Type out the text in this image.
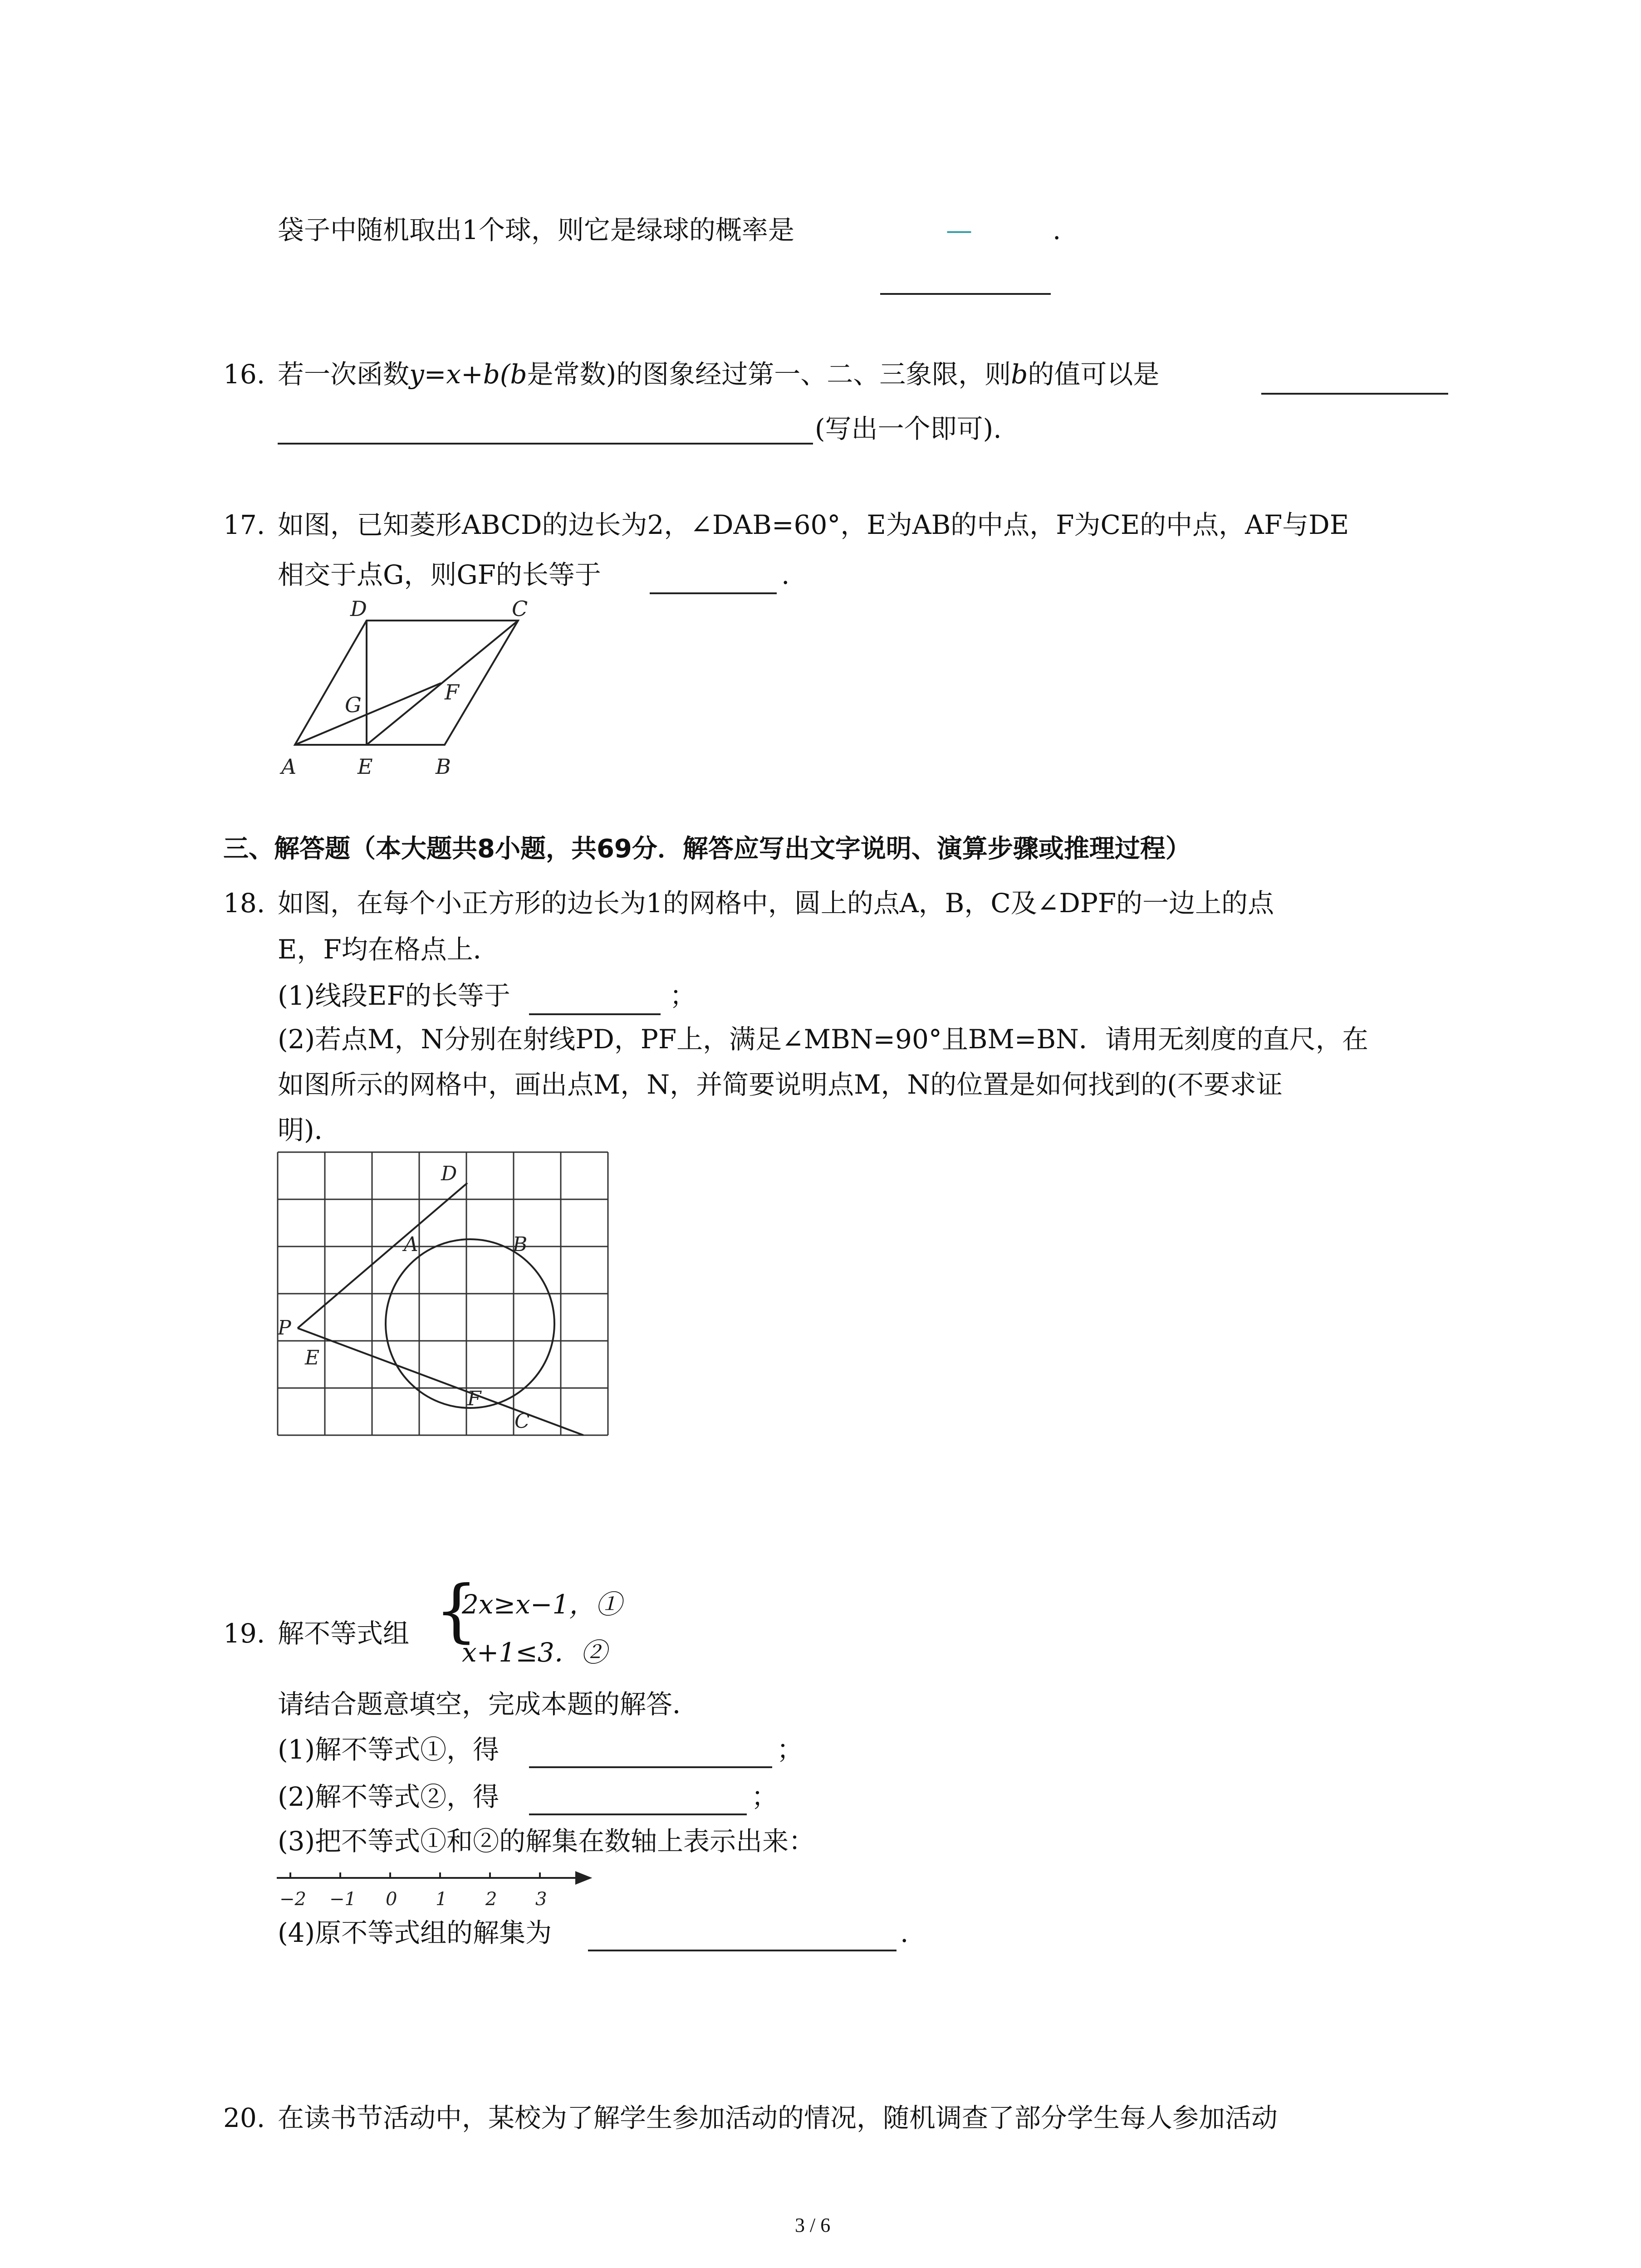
袋子中随机取出1个球，则它是绿球的概率是	—	.
16. 若一次函数y=x+b(b是常数)的图象经过第一、二、三象限，则b的值可以是
(写出一个即可).
17. 如图，已知菱形ABCD的边长为2，∠DAB=60°，E为AB的中点，F为CE的中点，AF与DE
相交于点G，则GF的长等于	.
D	C
A	E	B
G
F
三、解答题（本大题共8小题，共69分．解答应写出文字说明、演算步骤或推理过程）
18. 如图，在每个小正方形的边长为1的网格中，圆上的点A，B，C及∠DPF的一边上的点
E，F均在格点上．
(1)线段EF的长等于	；
(2)若点M，N分别在射线PD，PF上，满足∠MBN=90°且BM=BN．请用无刻度的直尺，在
如图所示的网格中，画出点M，N，并简要说明点M，N的位置是如何找到的(不要求证
明)．
D
A	B
P
E
F
C
19. 解不等式组 {
2x≥x−1，①
x+1≤3．②
请结合题意填空，完成本题的解答．
(1)解不等式①，得	；
(2)解不等式②，得	；
(3)把不等式①和②的解集在数轴上表示出来：
−2 −1 0 1 2 3
(4)原不等式组的解集为	.
20. 在读书节活动中，某校为了解学生参加活动的情况，随机调查了部分学生每人参加活动
3 / 6
